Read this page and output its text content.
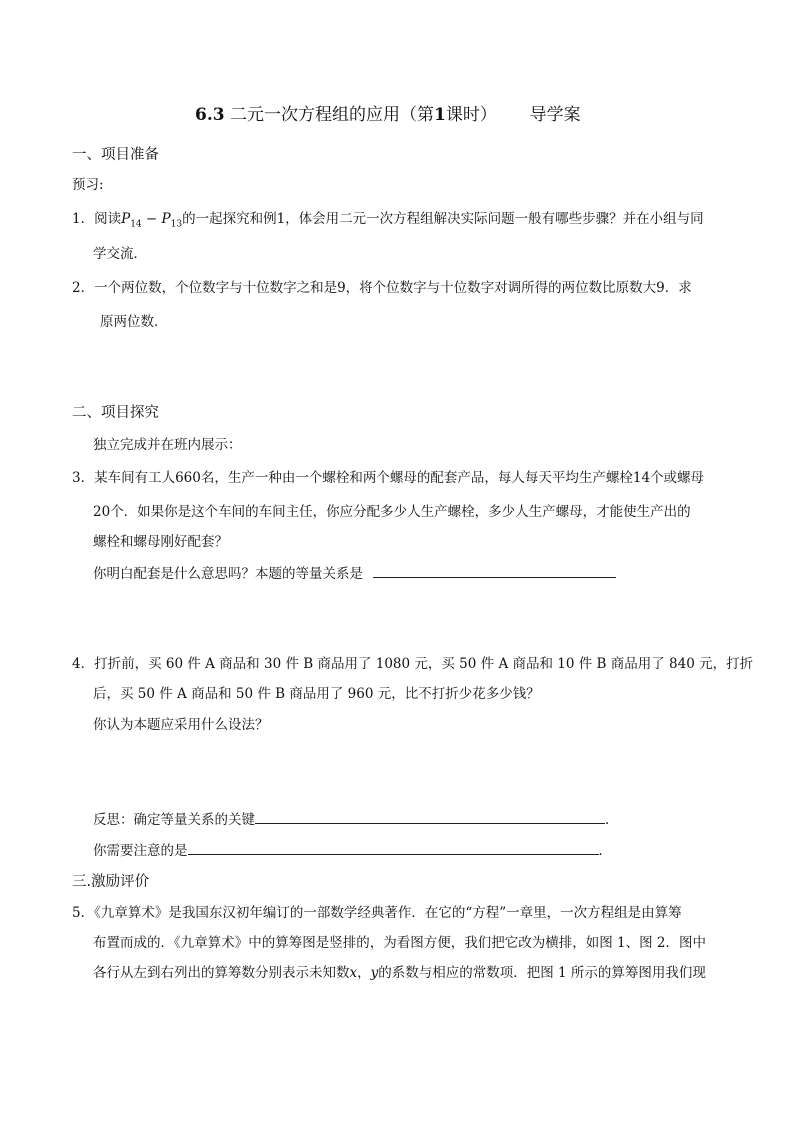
6.3 二元一次方程组的应用（第1课时） 导学案
一、项目准备
预习:
1．阅读$P_{14} - P_{13}$的一起探究和例1，体会用二元一次方程组解决实际问题一般有哪些步骤？并在小组与同
学交流．
2．一个两位数，个位数字与十位数字之和是9，将个位数字与十位数字对调所得的两位数比原数大9．求
原两位数．
二、项目探究
独立完成并在班内展示：
3．某车间有工人660名，生产一种由一个螺栓和两个螺母的配套产品，每人每天平均生产螺栓14个或螺母
20个．如果你是这个车间的车间主任，你应分配多少人生产螺栓，多少人生产螺母，才能使生产出的
螺栓和螺母刚好配套？
你明白配套是什么意思吗？本题的等量关系是
4．打折前，买 60 件 A 商品和 30 件 B 商品用了 1080 元，买 50 件 A 商品和 10 件 B 商品用了 840 元，打折
后，买 50 件 A 商品和 50 件 B 商品用了 960 元，比不打折少花多少钱？
你认为本题应采用什么设法？
反思：确定等量关系的关键	．
你需要注意的是	．
三.激励评价
5．《九章算术》是我国东汉初年编订的一部数学经典著作．在它的“方程”一章里，一次方程组是由算筹
布置而成的．《九章算术》中的算筹图是竖排的，为看图方便，我们把它改为横排，如图 1、图 2．图中
各行从左到右列出的算筹数分别表示未知数x，y的系数与相应的常数项．把图 1 所示的算筹图用我们现
